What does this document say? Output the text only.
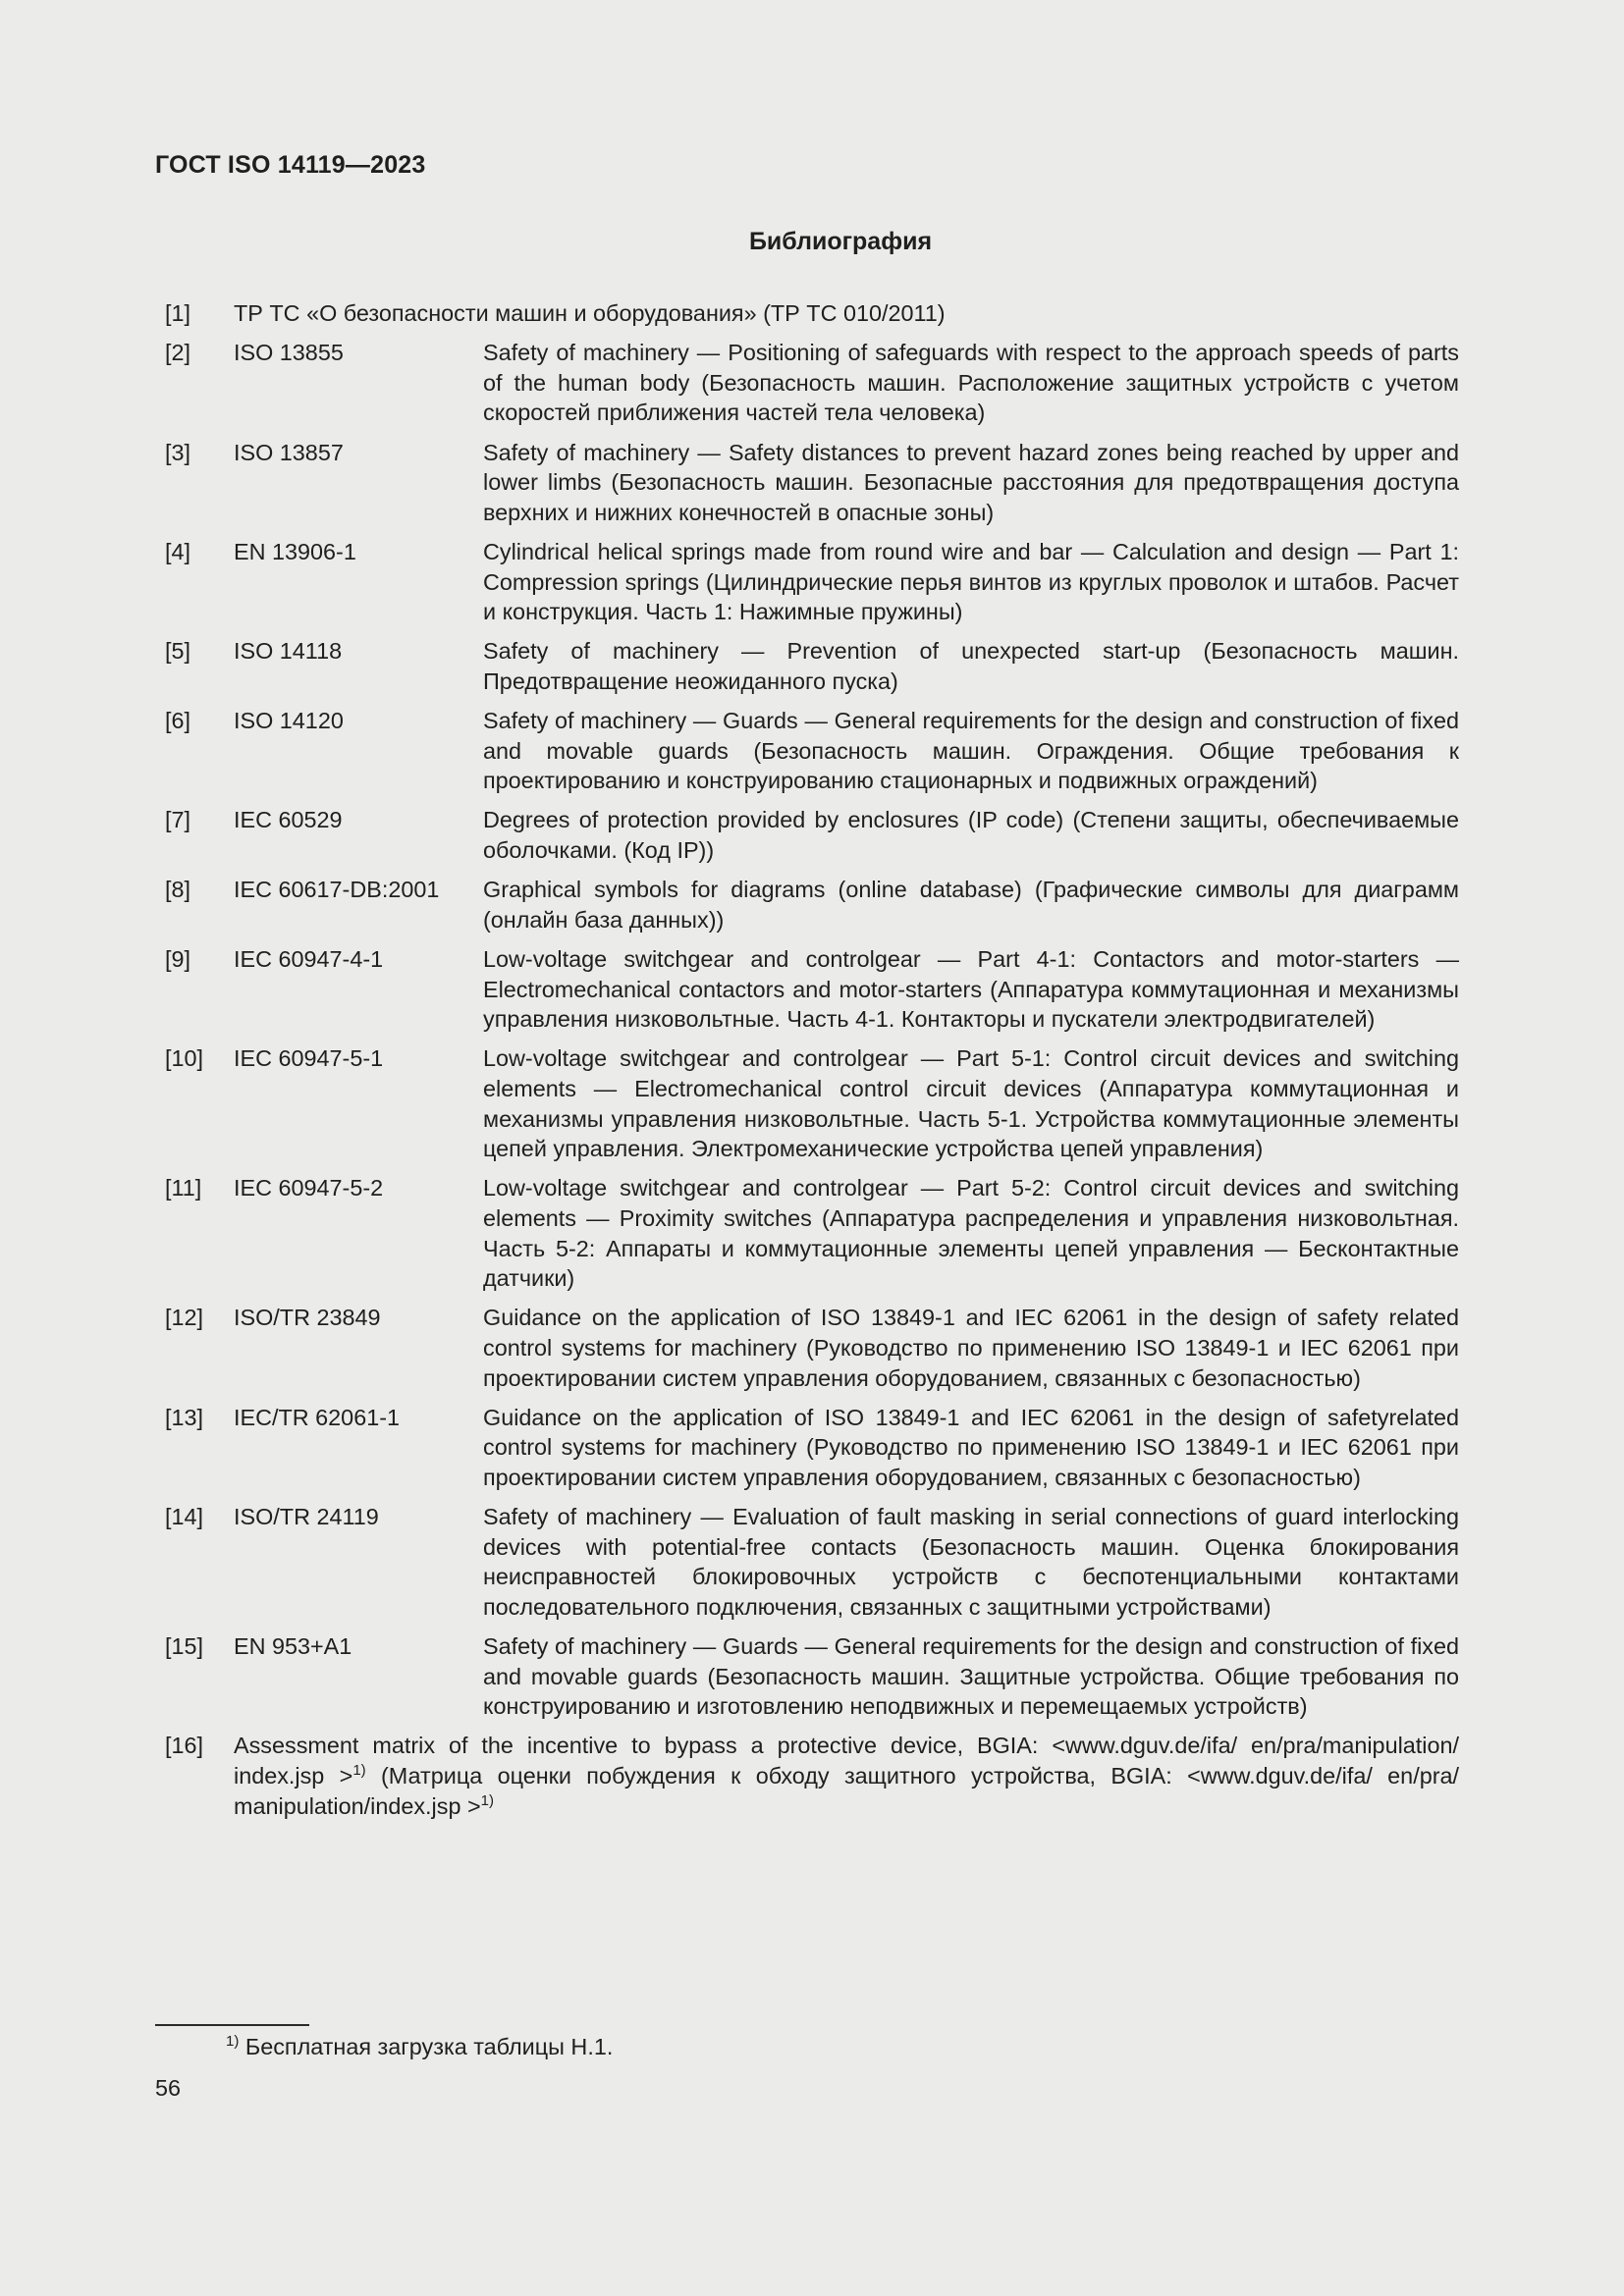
ГОСТ ISO 14119—2023
Библиография
[1]	ТР ТС «О безопасности машин и оборудования» (ТР ТС 010/2011)
[2]	ISO 13855	Safety of machinery — Positioning of safeguards with respect to the approach speeds of parts of the human body (Безопасность машин. Расположение защитных устройств с учетом скоростей приближения частей тела человека)
[3]	ISO 13857	Safety of machinery — Safety distances to prevent hazard zones being reached by upper and lower limbs (Безопасность машин. Безопасные расстояния для предотвращения доступа верхних и нижних конечностей в опасные зоны)
[4]	EN 13906-1	Cylindrical helical springs made from round wire and bar — Calculation and design — Part 1: Compression springs (Цилиндрические перья винтов из круглых проволок и штабов. Расчет и конструкция. Часть 1: Нажимные пружины)
[5]	ISO 14118	Safety of machinery — Prevention of unexpected start-up (Безопасность машин. Предотвращение неожиданного пуска)
[6]	ISO 14120	Safety of machinery — Guards — General requirements for the design and construction of fixed and movable guards (Безопасность машин. Ограждения. Общие требования к проектированию и конструированию стационарных и подвижных ограждений)
[7]	IEC 60529	Degrees of protection provided by enclosures (IP code) (Степени защиты, обеспечиваемые оболочками. (Код IP))
[8]	IEC 60617-DB:2001	Graphical symbols for diagrams (online database) (Графические символы для диаграмм (онлайн база данных))
[9]	IEC 60947-4-1	Low-voltage switchgear and controlgear — Part 4-1: Contactors and motor-starters — Electromechanical contactors and motor-starters (Аппаратура коммутационная и механизмы управления низковольтные. Часть 4-1. Контакторы и пускатели электродвигателей)
[10]	IEC 60947-5-1	Low-voltage switchgear and controlgear — Part 5-1: Control circuit devices and switching elements — Electromechanical control circuit devices (Аппаратура коммутационная и механизмы управления низковольтные. Часть 5-1. Устройства коммутационные элементы цепей управления. Электромеханические устройства цепей управления)
[11]	IEC 60947-5-2	Low-voltage switchgear and controlgear — Part 5-2: Control circuit devices and switching elements — Proximity switches (Аппаратура распределения и управления низковольтная. Часть 5-2: Аппараты и коммутационные элементы цепей управления — Бесконтактные датчики)
[12]	ISO/TR 23849	Guidance on the application of ISO 13849-1 and IEC 62061 in the design of safety related control systems for machinery (Руководство по применению ISO 13849-1 и IEC 62061 при проектировании систем управления оборудованием, связанных с безопасностью)
[13]	IEC/TR 62061-1	Guidance on the application of ISO 13849-1 and IEC 62061 in the design of safetyrelated control systems for machinery (Руководство по применению ISO 13849-1 и IEC 62061 при проектировании систем управления оборудованием, связанных с безопасностью)
[14]	ISO/TR 24119	Safety of machinery — Evaluation of fault masking in serial connections of guard interlocking devices with potential-free contacts (Безопасность машин. Оценка блокирования неисправностей блокировочных устройств с беспотенциальными контактами последовательного подключения, связанных с защитными устройствами)
[15]	EN 953+A1	Safety of machinery — Guards — General requirements for the design and construction of fixed and movable guards (Безопасность машин. Защитные устройства. Общие требования по конструированию и изготовлению неподвижных и перемещаемых устройств)
[16]	Assessment matrix of the incentive to bypass a protective device, BGIA: <www.dguv.de/ifa/ en/pra/manipulation/ index.jsp >$^{1)}$ (Матрица оценки побуждения к обходу защитного устройства, BGIA: <www.dguv.de/ifa/ en/pra/ manipulation/index.jsp >$^{1)}$
$^{1)}$ Бесплатная загрузка таблицы Н.1.
56
